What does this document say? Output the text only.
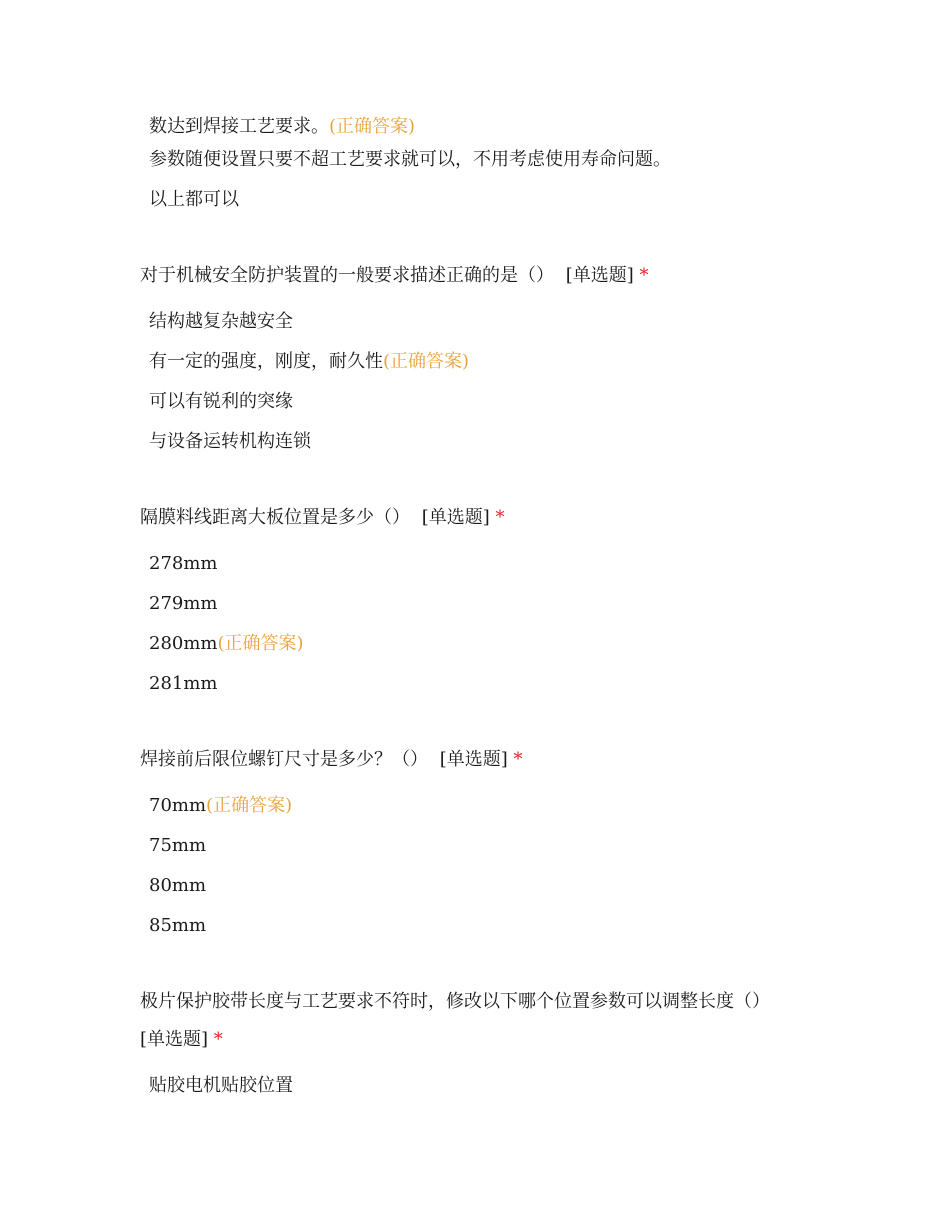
数达到焊接工艺要求。(正确答案)
参数随便设置只要不超工艺要求就可以，不用考虑使用寿命问题。
以上都可以
对于机械安全防护装置的一般要求描述正确的是（） [单选题] *
结构越复杂越安全
有一定的强度，刚度，耐久性(正确答案)
可以有锐利的突缘
与设备运转机构连锁
隔膜料线距离大板位置是多少（） [单选题] *
278mm
279mm
280mm(正确答案)
281mm
焊接前后限位螺钉尺寸是多少？（） [单选题] *
70mm(正确答案)
75mm
80mm
85mm
极片保护胶带长度与工艺要求不符时，修改以下哪个位置参数可以调整长度（）
[单选题] *
贴胶电机贴胶位置
